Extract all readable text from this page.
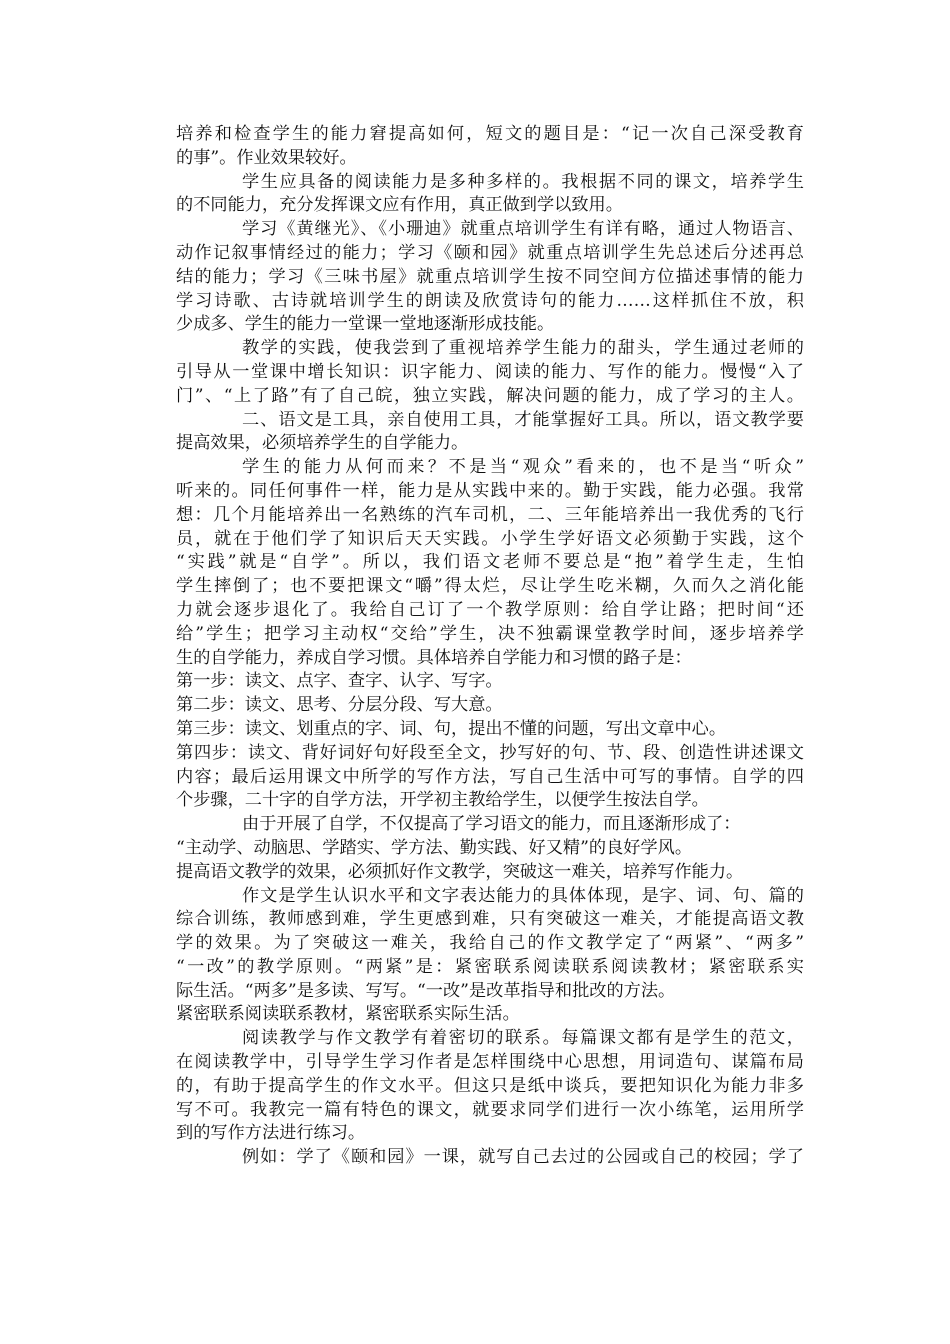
培养和检查学生的能力窘提高如何，短文的题目是：“记一次自己深受教育
的事”。作业效果较好。
学生应具备的阅读能力是多种多样的。我根据不同的课文，培养学生
的不同能力，充分发挥课文应有作用，真正做到学以致用。
学习《黄继光》、《小珊迪》就重点培训学生有详有略，通过人物语言、
动作记叙事情经过的能力；学习《颐和园》就重点培训学生先总述后分述再总
结的能力；学习《三味书屋》就重点培训学生按不同空间方位描述事情的能力
学习诗歌、古诗就培训学生的朗读及欣赏诗句的能力……这样抓住不放，积
少成多、学生的能力一堂课一堂地逐渐形成技能。
教学的实践，使我尝到了重视培养学生能力的甜头，学生通过老师的
引导从一堂课中增长知识：识字能力、阅读的能力、写作的能力。慢慢“入了
门”、“上了路”有了自己皖，独立实践，解决问题的能力，成了学习的主人。
二、语文是工具，亲自使用工具，才能掌握好工具。所以，语文教学要
提高效果，必须培养学生的自学能力。
学生的能力从何而来？不是当“观众”看来的，也不是当“听众”
听来的。同任何事件一样，能力是从实践中来的。勤于实践，能力必强。我常
想：几个月能培养出一名熟练的汽车司机，二、三年能培养出一我优秀的飞行
员，就在于他们学了知识后天天实践。小学生学好语文必须勤于实践，这个
“实践”就是“自学”。所以，我们语文老师不要总是“抱”着学生走，生怕
学生摔倒了；也不要把课文“嚼”得太烂，尽让学生吃米糊，久而久之消化能
力就会逐步退化了。我给自己订了一个教学原则：给自学让路；把时间“还
给”学生；把学习主动权“交给”学生，决不独霸课堂教学时间，逐步培养学
生的自学能力，养成自学习惯。具体培养自学能力和习惯的路子是：
第一步：读文、点字、查字、认字、写字。
第二步：读文、思考、分层分段、写大意。
第三步：读文、划重点的字、词、句，提出不懂的问题，写出文章中心。
第四步：读文、背好词好句好段至全文，抄写好的句、节、段、创造性讲述课文
内容；最后运用课文中所学的写作方法，写自己生活中可写的事情。自学的四
个步骤，二十字的自学方法，开学初主教给学生，以便学生按法自学。
由于开展了自学，不仅提高了学习语文的能力，而且逐渐形成了：
“主动学、动脑思、学踏实、学方法、勤实践、好又精”的良好学风。
提高语文教学的效果，必须抓好作文教学，突破这一难关，培养写作能力。
作文是学生认识水平和文字表达能力的具体体现，是字、词、句、篇的
综合训练，教师感到难，学生更感到难，只有突破这一难关，才能提高语文教
学的效果。为了突破这一难关，我给自己的作文教学定了“两紧”、“两多”
“一改”的教学原则。“两紧”是：紧密联系阅读联系阅读教材；紧密联系实
际生活。“两多”是多读、写写。“一改”是改革指导和批改的方法。
紧密联系阅读联系教材，紧密联系实际生活。
阅读教学与作文教学有着密切的联系。每篇课文都有是学生的范文，
在阅读教学中，引导学生学习作者是怎样围绕中心思想，用词造句、谋篇布局
的，有助于提高学生的作文水平。但这只是纸中谈兵，要把知识化为能力非多
写不可。我教完一篇有特色的课文，就要求同学们进行一次小练笔，运用所学
到的写作方法进行练习。
例如：学了《颐和园》一课，就写自己去过的公园或自己的校园；学了
